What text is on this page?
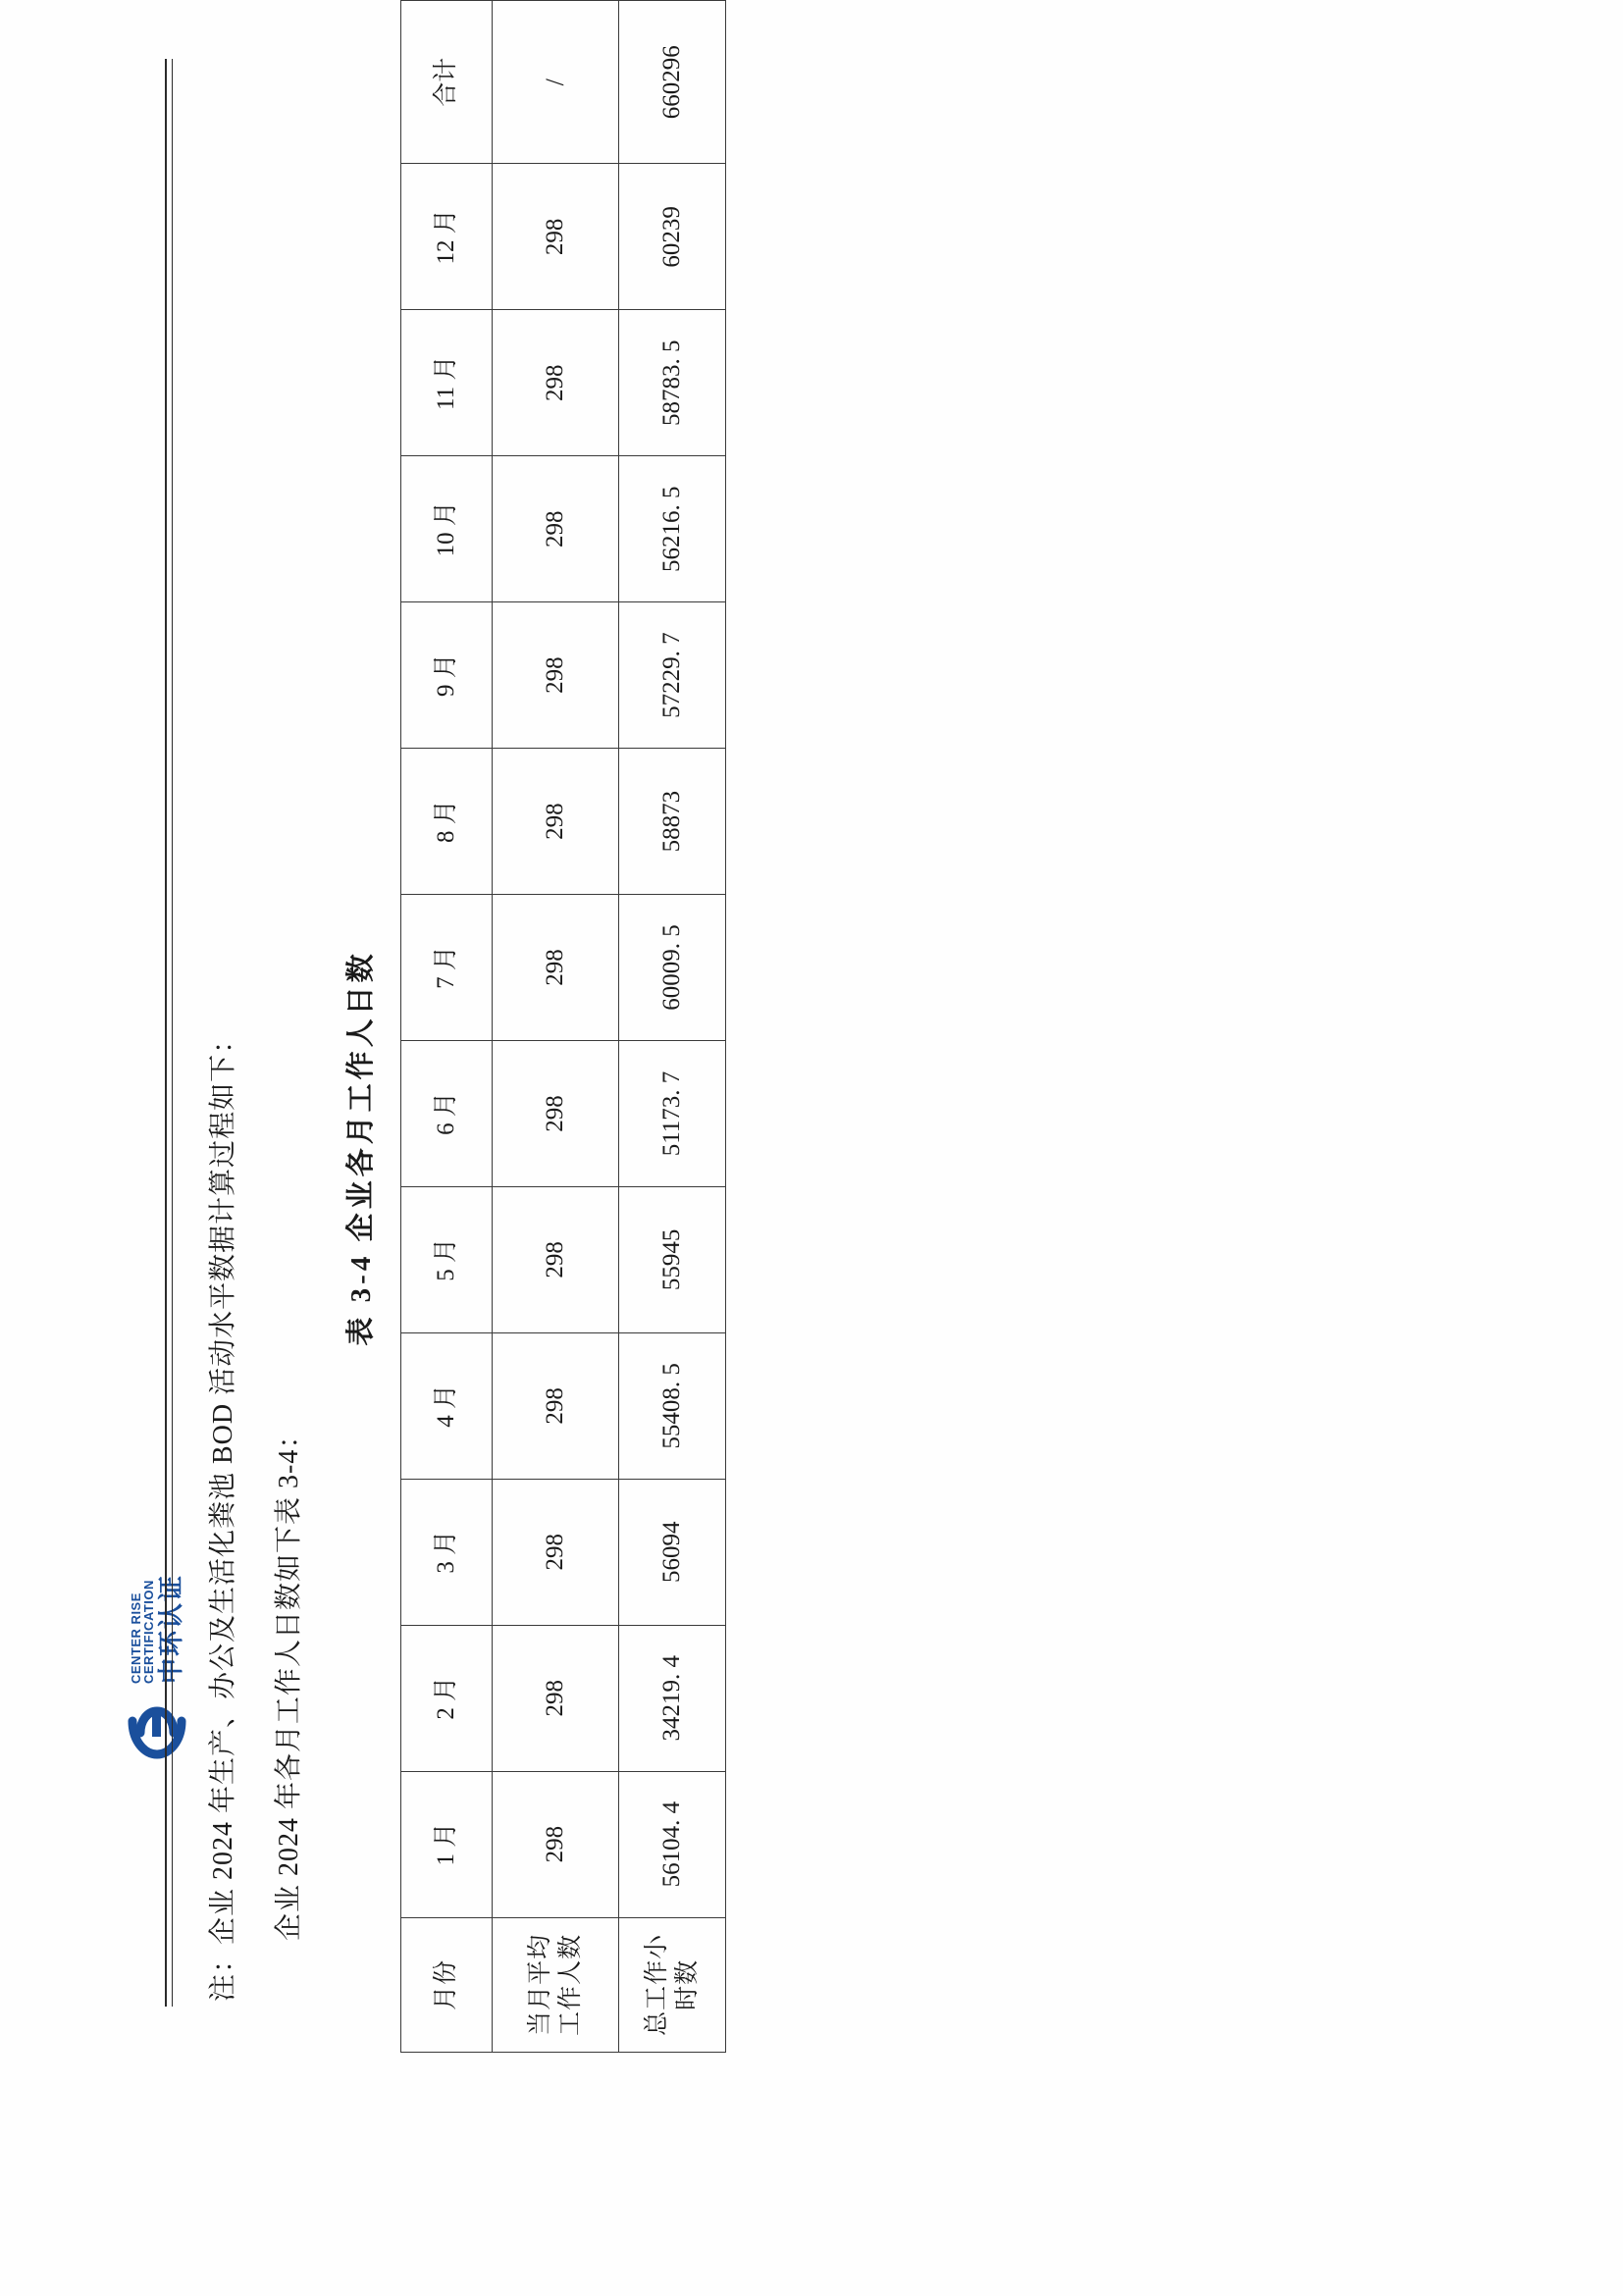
CENTER RISE
CERTIFICATION 中环认证 注：企业 2024 年生产、办公及生活化粪池 BOD 活动水平数据计算过程如下： 企业 2024 年各月工作人日数如下表 3-4：
表 3-4 企业各月工作人日数
月份	1 月	2 月	3 月	4 月	5 月	6 月	7 月	8 月	9 月	10 月	11 月	12 月	合计
当月平均工作人数	298	298	298	298	298	298	298	298	298	298	298	298	/
总工作小时数	56104. 4	34219. 4	56094	55408. 5	55945	51173. 7	60009. 5	58873	57229. 7	56216. 5	58783. 5	60239	660296
